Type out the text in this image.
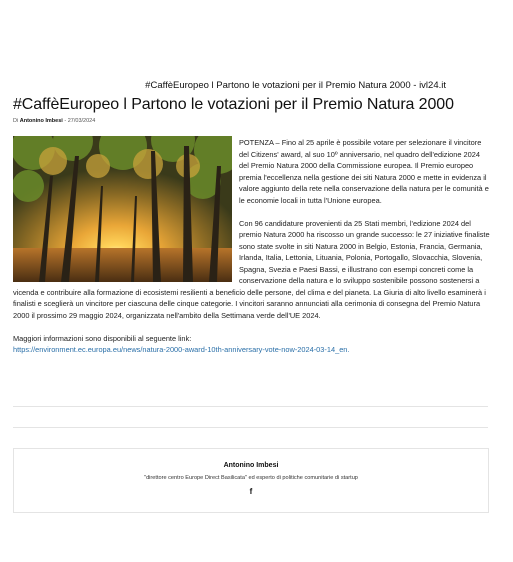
#CaffèEuropeo l Partono le votazioni per il Premio Natura 2000 - ivl24.it
#CaffèEuropeo l Partono le votazioni per il Premio Natura 2000
Di Antonino Imbesi - 27/03/2024

POTENZA – Fino al 25 aprile è possibile votare per selezionare il vincitore del Citizens' award, al suo 10º anniversario, nel quadro dell'edizione 2024 del Premio Natura 2000 della Commissione europea. Il Premio europeo premia l'eccellenza nella gestione dei siti Natura 2000 e mette in evidenza il valore aggiunto della rete nella conservazione della natura per le comunità e le economie locali in tutta l'Unione europea.

Con 96 candidature provenienti da 25 Stati membri, l'edizione 2024 del premio Natura 2000 ha riscosso un grande successo: le 27 iniziative finaliste sono state svolte in siti Natura 2000 in Belgio, Estonia, Francia, Germania, Irlanda, Italia, Lettonia, Lituania, Polonia, Portogallo, Slovacchia, Slovenia, Spagna, Svezia e Paesi Bassi, e illustrano con esempi concreti come la conservazione della natura e lo sviluppo sostenibile possono sostenersi a vicenda e contribuire alla formazione di ecosistemi resilienti a beneficio delle persone, del clima e del pianeta. La Giuria di alto livello esaminerà i finalisti e sceglierà un vincitore per ciascuna delle cinque categorie. I vincitori saranno annunciati alla cerimonia di consegna del Premio Natura 2000 il prossimo 29 maggio 2024, organizzata nell'ambito della Settimana verde dell'UE 2024.

Maggiori informazioni sono disponibili al seguente link:
https://environment.ec.europa.eu/news/natura-2000-award-10th-anniversary-vote-now-2024-03-14_en.

Antonino Imbesi
"direttore centro Europe Direct Basilicata" ed esperto di politiche comunitarie di startup
f
